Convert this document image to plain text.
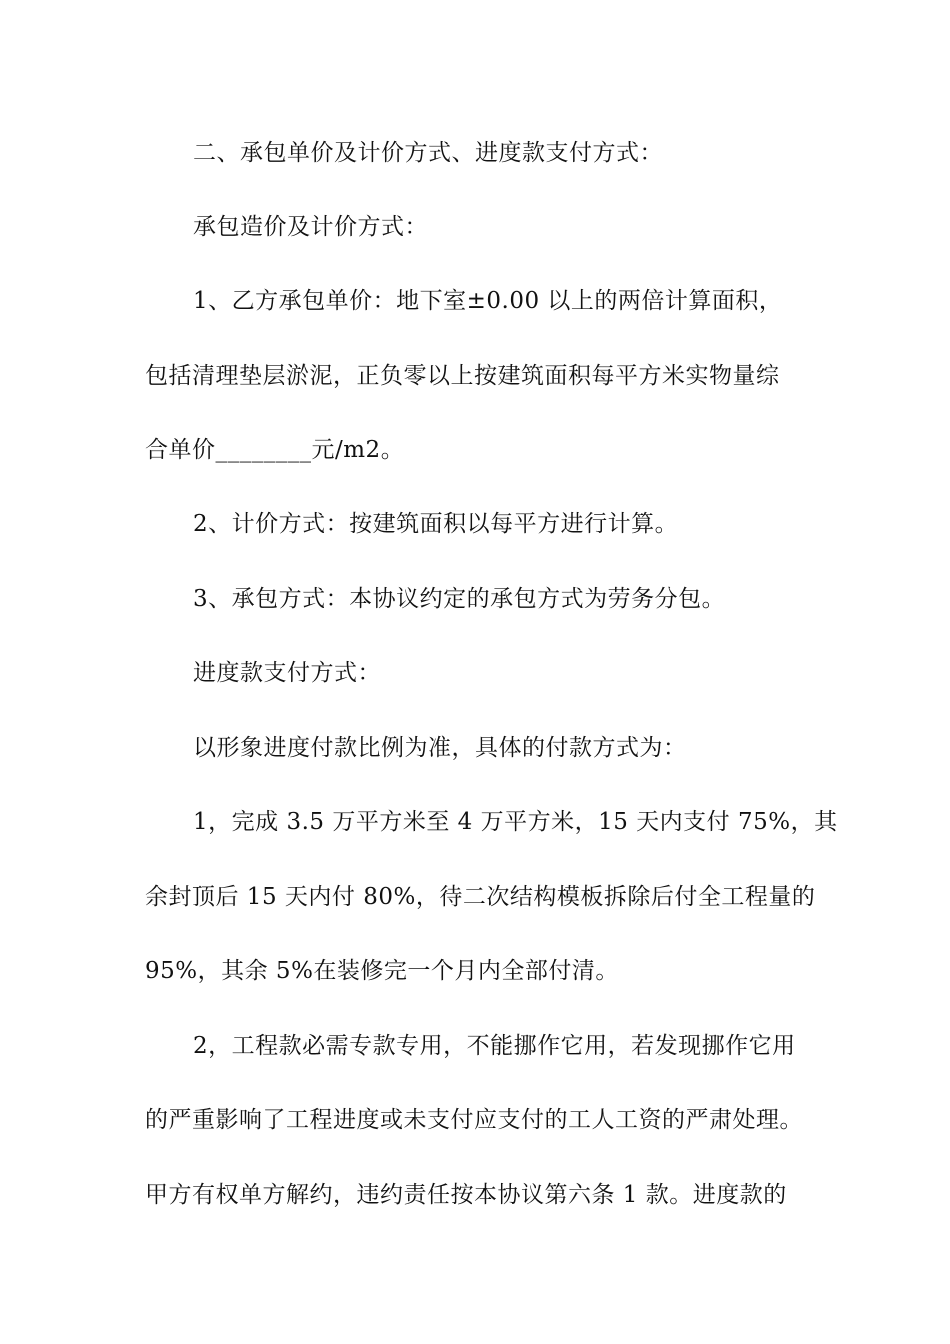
二、承包单价及计价方式、进度款支付方式：
承包造价及计价方式：
1、乙方承包单价：地下室±0.00 以上的两倍计算面积，
包括清理垫层淤泥，正负零以上按建筑面积每平方米实物量综
合单价________元/m2。
2、计价方式：按建筑面积以每平方进行计算。
3、承包方式：本协议约定的承包方式为劳务分包。
进度款支付方式：
以形象进度付款比例为准，具体的付款方式为：
1，完成 3.5 万平方米至 4 万平方米，15 天内支付 75%，其
余封顶后 15 天内付 80%，待二次结构模板拆除后付全工程量的
95%，其余 5%在装修完一个月内全部付清。
2，工程款必需专款专用，不能挪作它用，若发现挪作它用
的严重影响了工程进度或未支付应支付的工人工资的严肃处理。
甲方有权单方解约，违约责任按本协议第六条 1 款。进度款的
